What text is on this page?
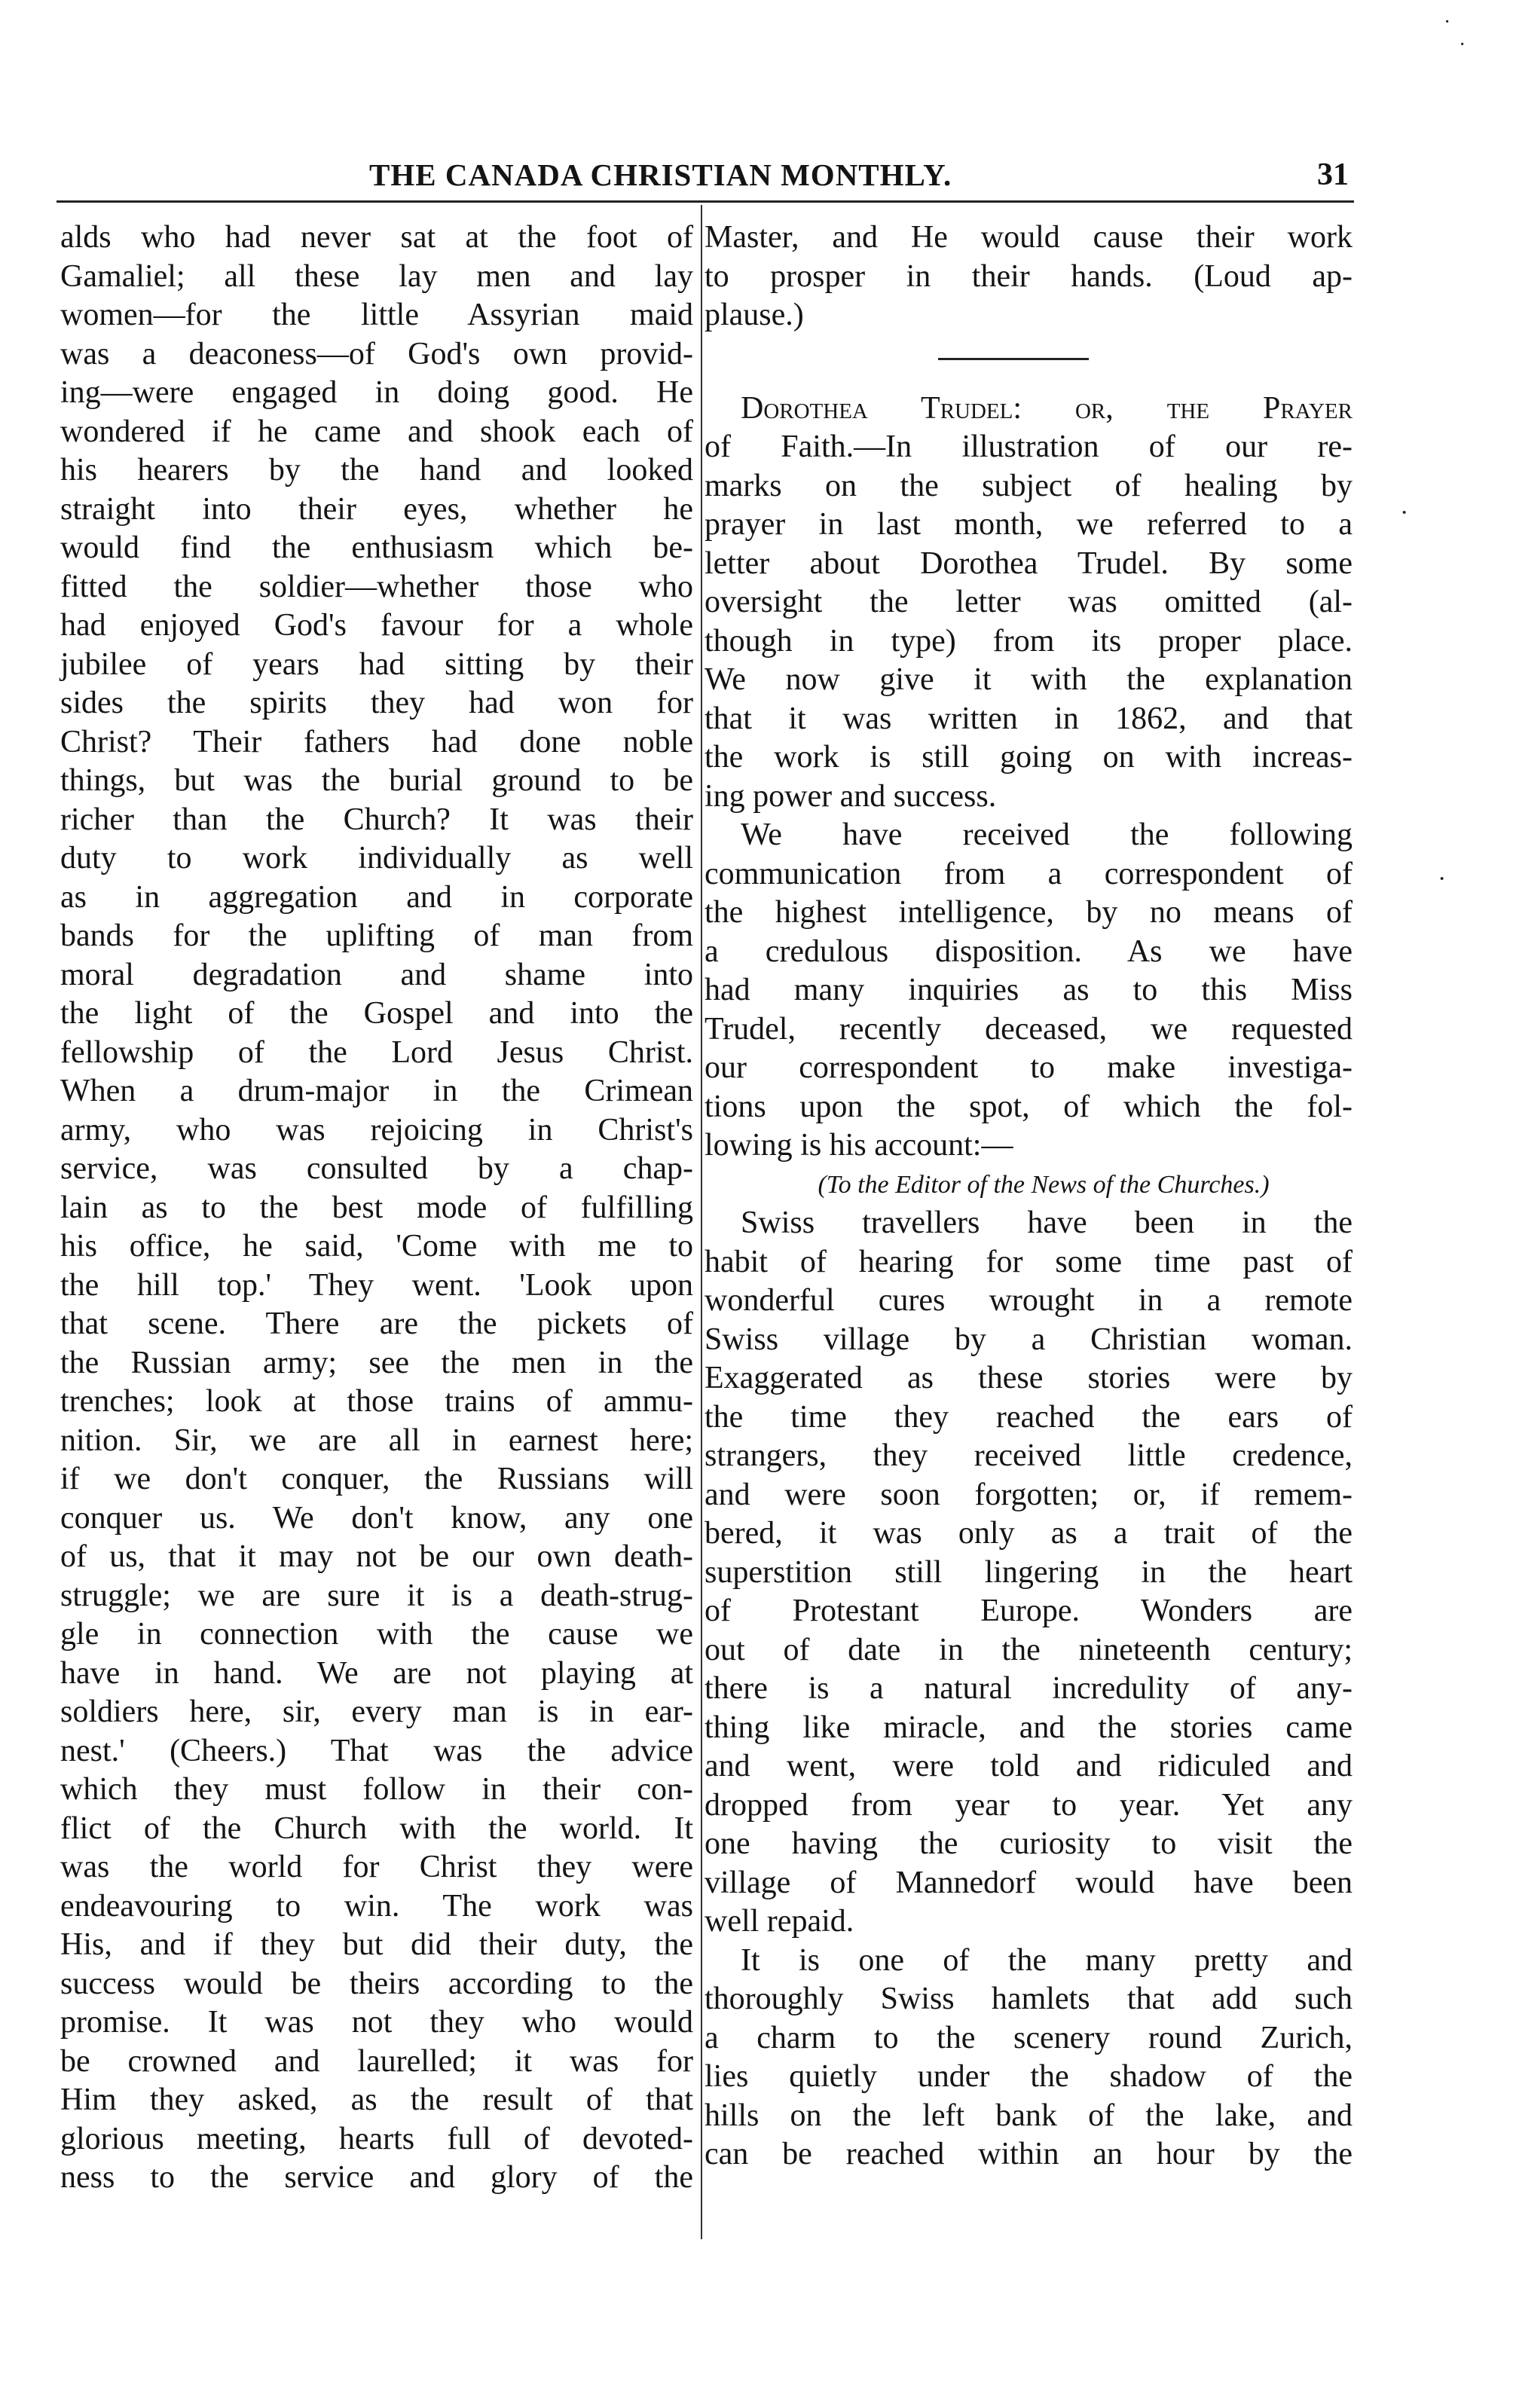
THE CANADA CHRISTIAN MONTHLY.	31
alds who had never sat at the foot of
Gamaliel; all these lay men and lay
women—for the little Assyrian maid
was a deaconess—of God's own provid-
ing—were engaged in doing good. He
wondered if he came and shook each of
his hearers by the hand and looked
straight into their eyes, whether he
would find the enthusiasm which be-
fitted the soldier—whether those who
had enjoyed God's favour for a whole
jubilee of years had sitting by their
sides the spirits they had won for
Christ? Their fathers had done noble
things, but was the burial ground to be
richer than the Church? It was their
duty to work individually as well
as in aggregation and in corporate
bands for the uplifting of man from
moral degradation and shame into
the light of the Gospel and into the
fellowship of the Lord Jesus Christ.
When a drum-major in the Crimean
army, who was rejoicing in Christ's
service, was consulted by a chap-
lain as to the best mode of fulfilling
his office, he said, 'Come with me to
the hill top.' They went. 'Look upon
that scene. There are the pickets of
the Russian army; see the men in the
trenches; look at those trains of ammu-
nition. Sir, we are all in earnest here;
if we don't conquer, the Russians will
conquer us. We don't know, any one
of us, that it may not be our own death-
struggle; we are sure it is a death-strug-
gle in connection with the cause we
have in hand. We are not playing at
soldiers here, sir, every man is in ear-
nest.' (Cheers.) That was the advice
which they must follow in their con-
flict of the Church with the world. It
was the world for Christ they were
endeavouring to win. The work was
His, and if they but did their duty, the
success would be theirs according to the
promise. It was not they who would
be crowned and laurelled; it was for
Him they asked, as the result of that
glorious meeting, hearts full of devoted-
ness to the service and glory of the
Master, and He would cause their work
to prosper in their hands. (Loud ap-
plause.)
Dorothea Trudel: or, the Prayer
of Faith.—In illustration of our re-
marks on the subject of healing by
prayer in last month, we referred to a
letter about Dorothea Trudel. By some
oversight the letter was omitted (al-
though in type) from its proper place.
We now give it with the explanation
that it was written in 1862, and that
the work is still going on with increas-
ing power and success.
We have received the following
communication from a correspondent of
the highest intelligence, by no means of
a credulous disposition. As we have
had many inquiries as to this Miss
Trudel, recently deceased, we requested
our correspondent to make investiga-
tions upon the spot, of which the fol-
lowing is his account:—
(To the Editor of the News of the Churches.)
Swiss travellers have been in the
habit of hearing for some time past of
wonderful cures wrought in a remote
Swiss village by a Christian woman.
Exaggerated as these stories were by
the time they reached the ears of
strangers, they received little credence,
and were soon forgotten; or, if remem-
bered, it was only as a trait of the
superstition still lingering in the heart
of Protestant Europe. Wonders are
out of date in the nineteenth century;
there is a natural incredulity of any-
thing like miracle, and the stories came
and went, were told and ridiculed and
dropped from year to year. Yet any
one having the curiosity to visit the
village of Mannedorf would have been
well repaid.
It is one of the many pretty and
thoroughly Swiss hamlets that add such
a charm to the scenery round Zurich,
lies quietly under the shadow of the
hills on the left bank of the lake, and
can be reached within an hour by the
·
·
·
·
